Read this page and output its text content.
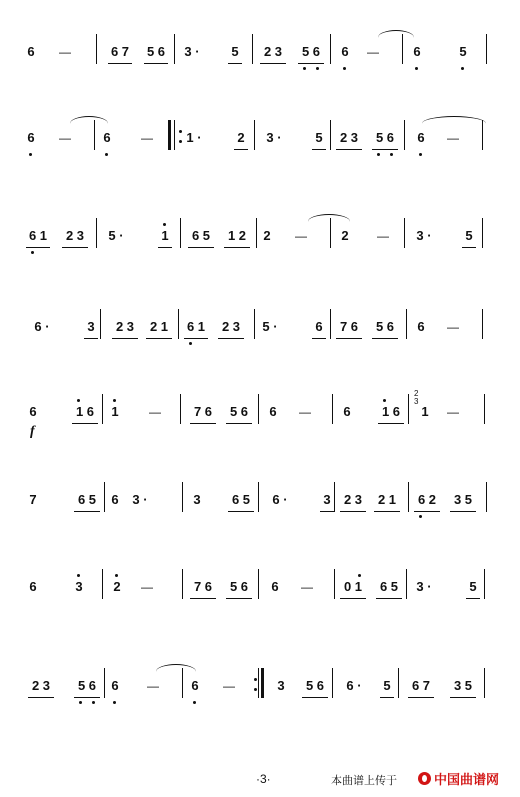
6 —	6 7 5 6	3 ·	5	2 3	5 6	6 —	6	5
6 — 6	—	1 ·	2	3 ·	5	2 3	5 6	6 —
6 1	2 3	5 ·	1	6 5	1 2	2 —	2 —	3 ·	5
6 ·	3	2 3	2 1	6 1	2 3	5 ·	6	7 6	5 6	6 —
6
f
1 6	1	—	7 6	5 6	6 — 6	1 6
2 3
1 —
7	6 5	6	3 ·	3	6 5	6 ·	3	2 3	2 1	6 2	3 5
6	3 2 —	7 6	5 6	6 —	0 1	6 5	3 ·	5
2 3	5 6	6 — 6 —	3	5 6	6 ·	5	6 7	3 5
·3·	本曲谱上传于	中国曲谱网
